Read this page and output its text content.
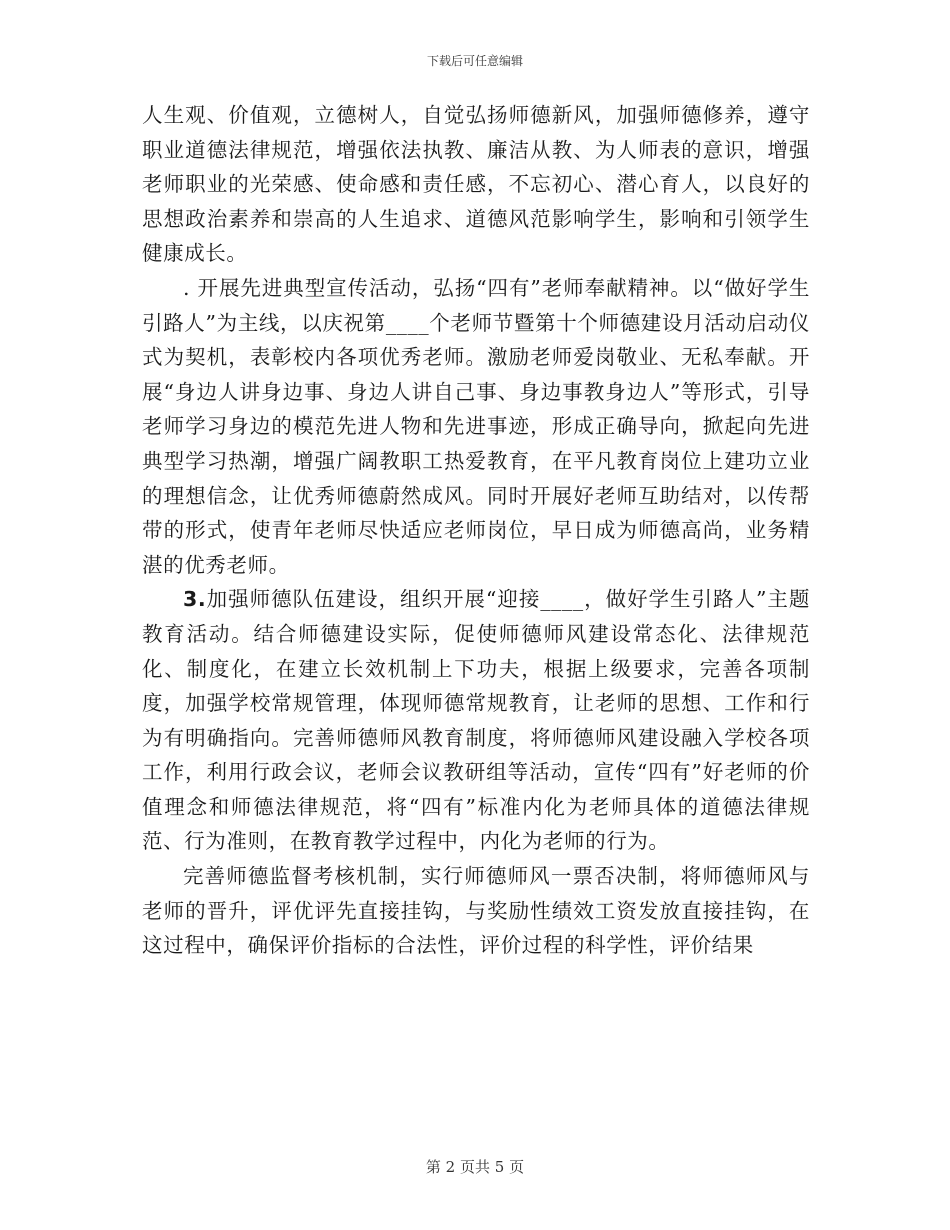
下载后可任意编辑

人生观、价值观，立德树人，自觉弘扬师德新风，加强师德修养，遵守职业道德法律规范，增强依法执教、廉洁从教、为人师表的意识，增强老师职业的光荣感、使命感和责任感，不忘初心、潜心育人，以良好的思想政治素养和崇高的人生追求、道德风范影响学生，影响和引领学生健康成长。

. 开展先进典型宣传活动，弘扬“四有”老师奉献精神。以“做好学生引路人”为主线，以庆祝第____个老师节暨第十个师德建设月活动启动仪式为契机，表彰校内各项优秀老师。激励老师爱岗敬业、无私奉献。开展“身边人讲身边事、身边人讲自己事、身边事教身边人”等形式，引导老师学习身边的模范先进人物和先进事迹，形成正确导向，掀起向先进典型学习热潮，增强广阔教职工热爱教育，在平凡教育岗位上建功立业的理想信念，让优秀师德蔚然成风。同时开展好老师互助结对，以传帮带的形式，使青年老师尽快适应老师岗位，早日成为师德高尚，业务精湛的优秀老师。

3.加强师德队伍建设，组织开展“迎接____，做好学生引路人”主题教育活动。结合师德建设实际，促使师德师风建设常态化、法律规范化、制度化，在建立长效机制上下功夫，根据上级要求，完善各项制度，加强学校常规管理，体现师德常规教育，让老师的思想、工作和行为有明确指向。完善师德师风教育制度，将师德师风建设融入学校各项工作，利用行政会议，老师会议教研组等活动，宣传“四有”好老师的价值理念和师德法律规范，将“四有”标准内化为老师具体的道德法律规范、行为准则，在教育教学过程中，内化为老师的行为。

完善师德监督考核机制，实行师德师风一票否决制，将师德师风与老师的晋升，评优评先直接挂钩，与奖励性绩效工资发放直接挂钩，在这过程中，确保评价指标的合法性，评价过程的科学性，评价结果

第 2 页共 5 页
